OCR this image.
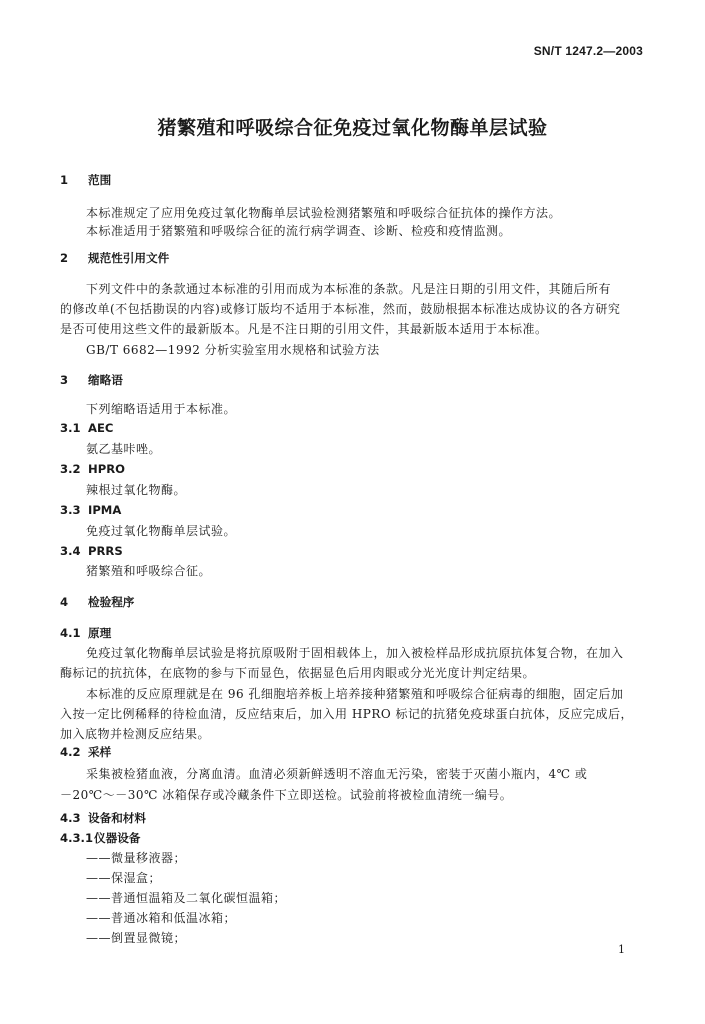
SN/T 1247.2—2003
猪繁殖和呼吸综合征免疫过氧化物酶单层试验
1 范围
本标准规定了应用免疫过氧化物酶单层试验检测猪繁殖和呼吸综合征抗体的操作方法。
本标准适用于猪繁殖和呼吸综合征的流行病学调查、诊断、检疫和疫情监测。
2 规范性引用文件
下列文件中的条款通过本标准的引用而成为本标准的条款。凡是注日期的引用文件，其随后所有
的修改单(不包括勘误的内容)或修订版均不适用于本标准，然而，鼓励根据本标准达成协议的各方研究
是否可使用这些文件的最新版本。凡是不注日期的引用文件，其最新版本适用于本标准。
GB/T 6682—1992 分析实验室用水规格和试验方法
3 缩略语
下列缩略语适用于本标准。
3.1 AEC
氨乙基咔唑。
3.2 HPRO
辣根过氧化物酶。
3.3 IPMA
免疫过氧化物酶单层试验。
3.4 PRRS
猪繁殖和呼吸综合征。
4 检验程序
4.1 原理
免疫过氧化物酶单层试验是将抗原吸附于固相载体上，加入被检样品形成抗原抗体复合物，在加入
酶标记的抗抗体，在底物的参与下而显色，依据显色后用肉眼或分光光度计判定结果。
本标准的反应原理就是在 96 孔细胞培养板上培养接种猪繁殖和呼吸综合征病毒的细胞，固定后加
入按一定比例稀释的待检血清，反应结束后，加入用 HPRO 标记的抗猪免疫球蛋白抗体，反应完成后，
加入底物并检测反应结果。
4.2 采样
采集被检猪血液，分离血清。血清必须新鲜透明不溶血无污染，密装于灭菌小瓶内，4℃ 或
－20℃～－30℃ 冰箱保存或冷藏条件下立即送检。试验前将被检血清统一编号。
4.3 设备和材料
4.3.1仪器设备
——微量移液器；
——保湿盒；
——普通恒温箱及二氧化碳恒温箱；
——普通冰箱和低温冰箱；
——倒置显微镜；
1
